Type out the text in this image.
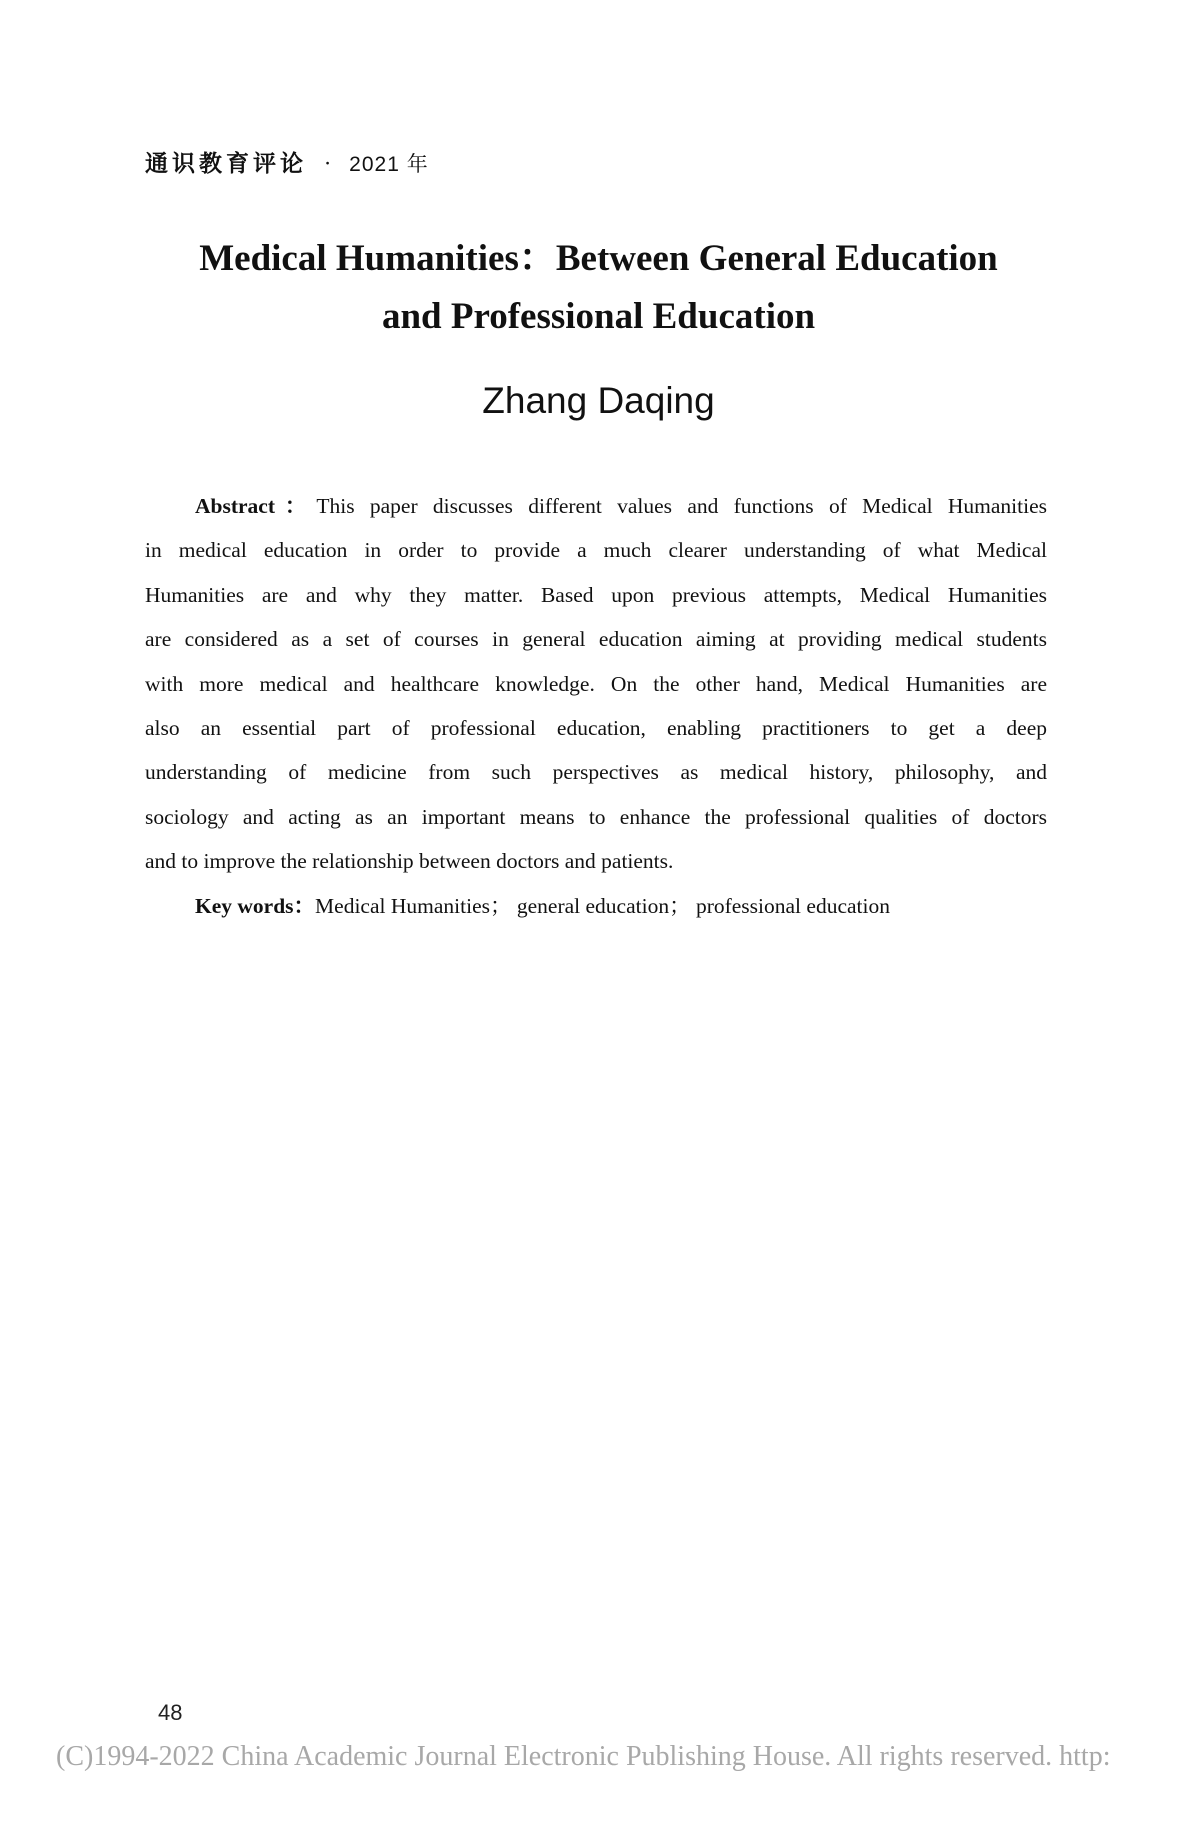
通识教育评论 · 2021 年
Medical Humanities：Between General Education
and Professional Education
Zhang Daqing
Abstract：This paper discusses different values and functions of Medical Humanities
in medical education in order to provide a much clearer understanding of what Medical
Humanities are and why they matter. Based upon previous attempts, Medical Humanities
are considered as a set of courses in general education aiming at providing medical students
with more medical and healthcare knowledge. On the other hand, Medical Humanities are
also an essential part of professional education, enabling practitioners to get a deep
understanding of medicine from such perspectives as medical history, philosophy, and
sociology and acting as an important means to enhance the professional qualities of doctors
and to improve the relationship between doctors and patients.
Key words：Medical Humanities； general education； professional education
48
(C)1994-2022 China Academic Journal Electronic Publishing House. All rights reserved. http:
